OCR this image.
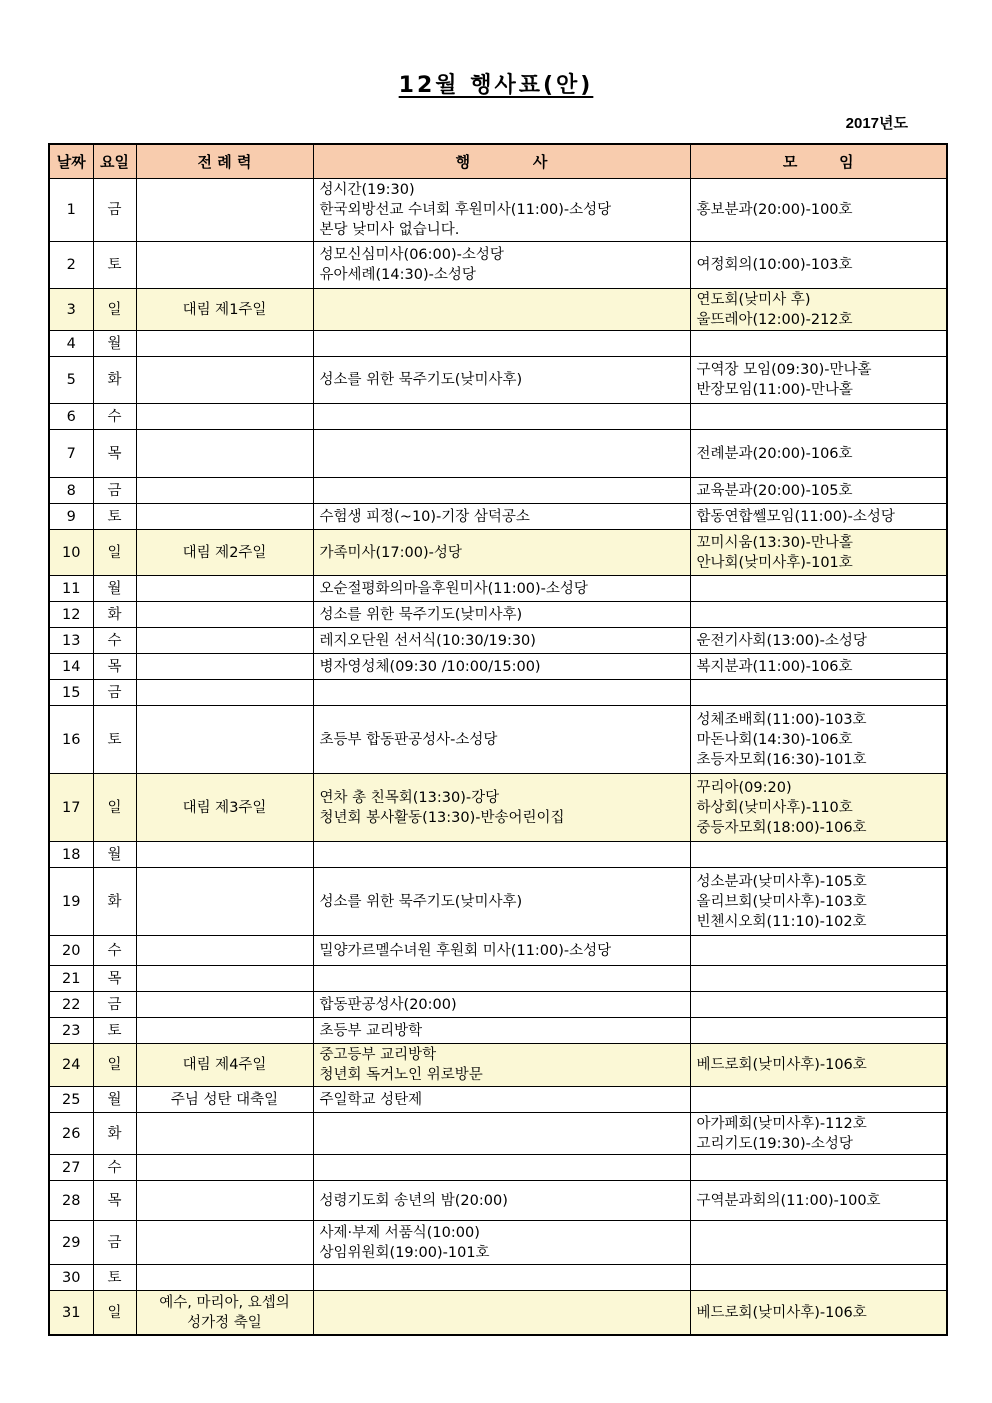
12월 행사표(안)
2017년도
날짜	요일	전 례 력	행            사	모        임
1	금		성시간(19:30)
한국외방선교 수녀회 후원미사(11:00)-소성당
본당 낮미사 없습니다.	홍보분과(20:00)-100호
2	토		성모신심미사(06:00)-소성당
유아세례(14:30)-소성당	여정회의(10:00)-103호
3	일	대림 제1주일		연도회(낮미사 후)
울뜨레아(12:00)-212호
4	월			
5	화		성소를 위한 묵주기도(낮미사후)	구역장 모임(09:30)-만나홀
반장모임(11:00)-만나홀
6	수			
7	목			전례분과(20:00)-106호
8	금			교육분과(20:00)-105호
9	토		수험생 피정(~10)-기장 삼덕공소	합동연합쎌모임(11:00)-소성당
10	일	대림 제2주일	가족미사(17:00)-성당	꼬미시움(13:30)-만나홀
안나회(낮미사후)-101호
11	월		오순절평화의마을후원미사(11:00)-소성당	
12	화		성소를 위한 묵주기도(낮미사후)	
13	수		레지오단원 선서식(10:30/19:30)	운전기사회(13:00)-소성당
14	목		병자영성체(09:30 /10:00/15:00)	복지분과(11:00)-106호
15	금			
16	토		초등부 합동판공성사-소성당	성체조배회(11:00)-103호
마돈나회(14:30)-106호
초등자모회(16:30)-101호
17	일	대림 제3주일	연차 총 친목회(13:30)-강당
청년회 봉사활동(13:30)-반송어린이집	꾸리아(09:20)
하상회(낮미사후)-110호
중등자모회(18:00)-106호
18	월			
19	화		성소를 위한 묵주기도(낮미사후)	성소분과(낮미사후)-105호
올리브회(낮미사후)-103호
빈첸시오회(11:10)-102호
20	수		밀양가르멜수녀원 후원회 미사(11:00)-소성당	
21	목			
22	금		합동판공성사(20:00)	
23	토		초등부 교리방학	
24	일	대림 제4주일	중고등부 교리방학
청년회 독거노인 위로방문	베드로회(낮미사후)-106호
25	월	주님 성탄 대축일	주일학교 성탄제	
26	화			아가페회(낮미사후)-112호
고리기도(19:30)-소성당
27	수			
28	목		성령기도회 송년의 밤(20:00)	구역분과회의(11:00)-100호
29	금		사제·부제 서품식(10:00)
상임위원회(19:00)-101호	
30	토			
31	일	예수, 마리아, 요셉의
성가정 축일		베드로회(낮미사후)-106호
